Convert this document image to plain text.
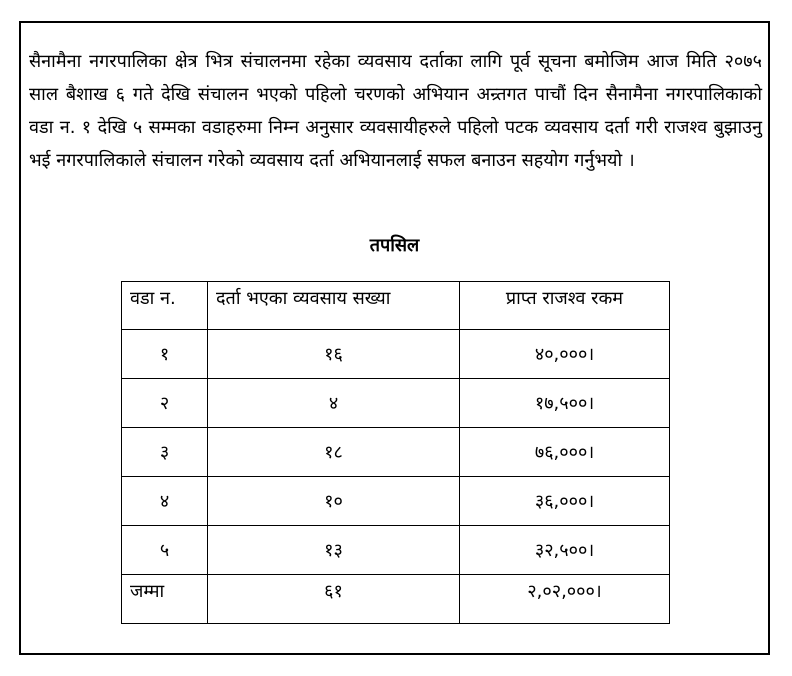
सैनामैना नगरपालिका क्षेत्र भित्र संचालनमा रहेका व्यवसाय दर्ताका लागि पूर्व सूचना बमोजिम आज मिति २०७५ साल बैशाख ६ गते देखि संचालन भएको पहिलो चरणको अभियान अन्र्तगत पाचौं दिन सैनामैना नगरपालिकाको वडा न. १ देखि ५ सम्मका वडाहरुमा निम्न अनुसार व्यवसायीहरुले पहिलो पटक व्यवसाय दर्ता गरी राजश्व बुझाउनु भई नगरपालिकाले संचालन गरेको व्यवसाय दर्ता अभियानलाई सफल बनाउन सहयोग गर्नुभयो ।

तपसिल
वडा न.	दर्ता भएका व्यवसाय सख्या	प्राप्त राजश्व रकम
१	१६	४०,०००।
२	४	१७,५००।
३	१८	७६,०००।
४	१०	३६,०००।
५	१३	३२,५००।
जम्मा	६१	२,०२,०००।
